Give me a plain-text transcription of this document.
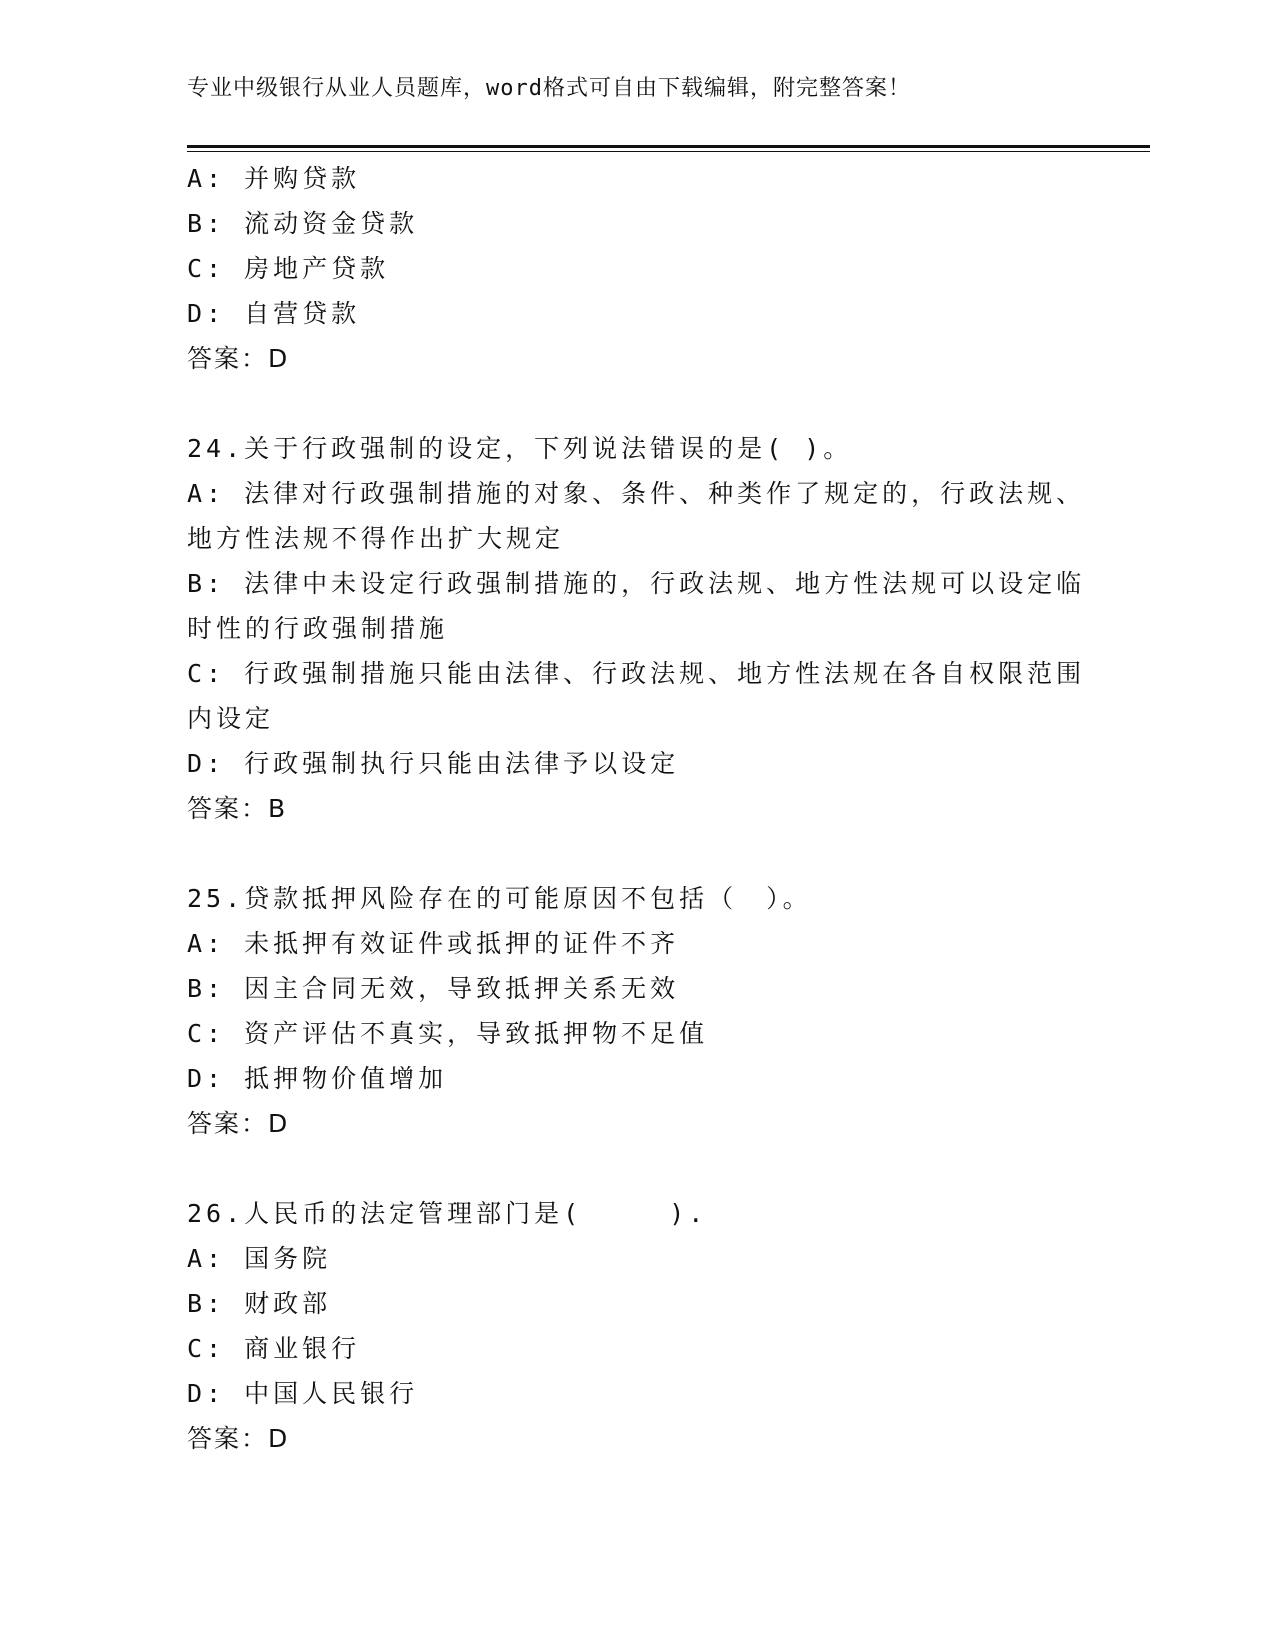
专业中级银行从业人员题库，word格式可自由下载编辑，附完整答案！
A: 并购贷款
B: 流动资金贷款
C: 房地产贷款
D: 自营贷款
答案：D
24.关于行政强制的设定，下列说法错误的是( )。
A: 法律对行政强制措施的对象、条件、种类作了规定的，行政法规、
地方性法规不得作出扩大规定
B: 法律中未设定行政强制措施的，行政法规、地方性法规可以设定临
时性的行政强制措施
C: 行政强制措施只能由法律、行政法规、地方性法规在各自权限范围
内设定
D: 行政强制执行只能由法律予以设定
答案：B
25.贷款抵押风险存在的可能原因不包括（　）。
A: 未抵押有效证件或抵押的证件不齐
B: 因主合同无效，导致抵押关系无效
C: 资产评估不真实，导致抵押物不足值
D: 抵押物价值增加
答案：D
26.人民币的法定管理部门是(　　　).
A: 国务院
B: 财政部
C: 商业银行
D: 中国人民银行
答案：D
